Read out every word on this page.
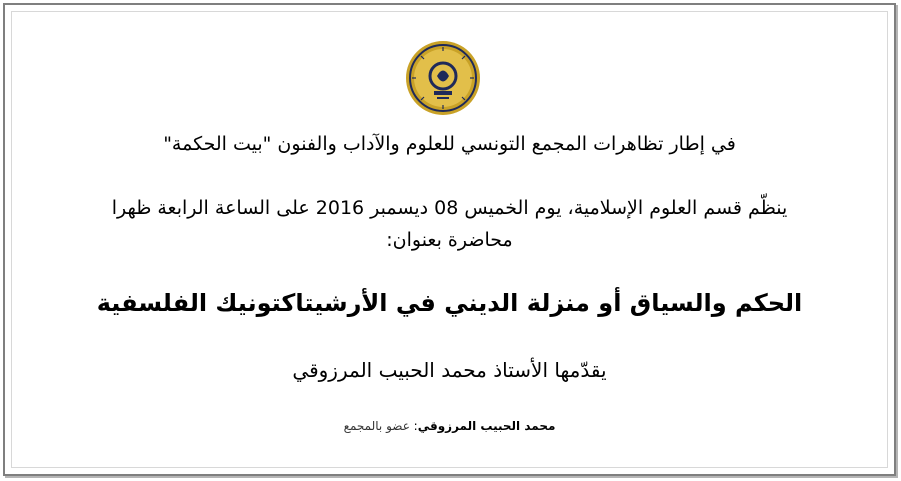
في إطار تظاهرات المجمع التونسي للعلوم والآداب والفنون "بيت الحكمة"
ينظّم قسم العلوم الإسلامية، يوم الخميس 08 ديسمبر 2016 على الساعة الرابعة ظهرا
محاضرة بعنوان:
الحكم والسياق أو منزلة الديني في الأرشيتاكتونيك الفلسفية
يقدّمها الأستاذ محمد الحبيب المرزوقي
محمد الحبيب المرزوقي: عضو بالمجمع
